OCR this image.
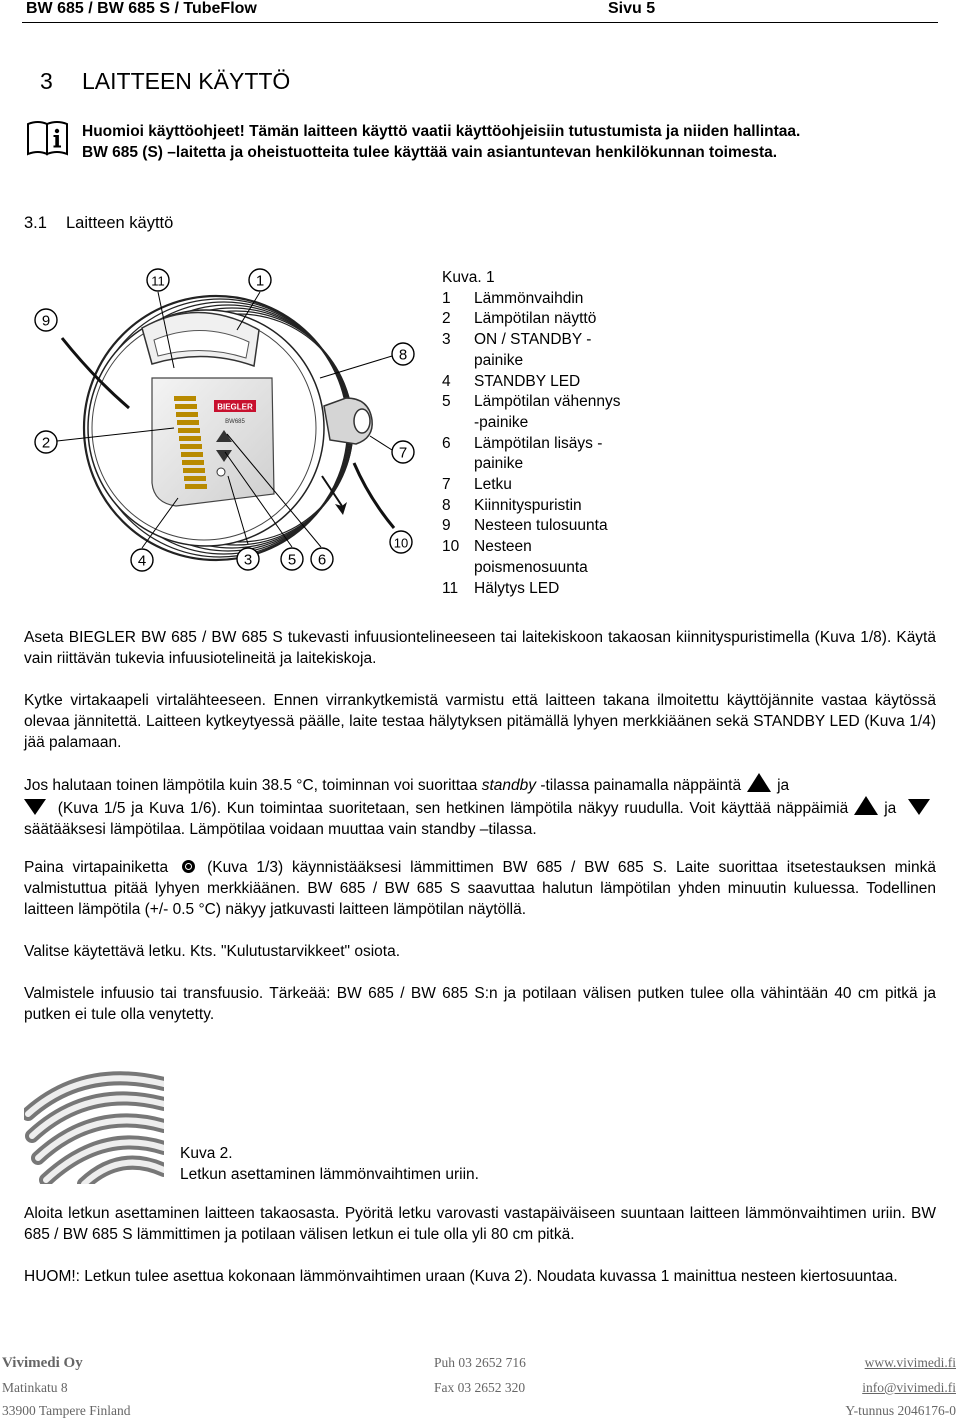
BW 685 / BW 685 S / TubeFlow	Sivu 5
3 LAITTEEN KÄYTTÖ
Huomioi käyttöohjeet! Tämän laitteen käyttö vaatii käyttöohjeisiin tutustumista ja niiden hallintaa.
BW 685 (S) –laitetta ja oheistuotteita tulee käyttää vain asiantuntevan henkilökunnan toimesta.
3.1 Laitteen käyttö
BIEGLER
BW685
11	1
9
8
2
7
4	3 5 6
10
Kuva. 1
1	Lämmönvaihdin
2	Lämpötilan näyttö
3	ON / STANDBY -
painike
4	STANDBY LED
5	Lämpötilan vähennys
-painike
6	Lämpötilan lisäys -
painike
7	Letku
8	Kiinnityspuristin
9	Nesteen tulosuunta
10 Nesteen
poismenosuunta
11	Hälytys LED
Aseta BIEGLER BW 685 / BW 685 S tukevasti infuusiontelineeseen tai laitekiskoon takaosan kiinnityspuristimella (Kuva 1/8). Käytä vain riittävän tukevia infuusiotelineitä ja laitekiskoja.
Kytke virtakaapeli virtalähteeseen. Ennen virrankytkemistä varmistu että laitteen takana ilmoitettu käyttöjännite vastaa käytössä olevaa jännitettä. Laitteen kytkeytyessä päälle, laite testaa hälytyksen pitämällä lyhyen merkkiäänen sekä STANDBY LED (Kuva 1/4) jää palamaan.
Jos halutaan toinen lämpötila kuin 38.5 °C, toiminnan voi suorittaa standby -tilassa painamalla näppäintä ja
(Kuva 1/5 ja Kuva 1/6). Kun toimintaa suoritetaan, sen hetkinen lämpötila näkyy ruudulla. Voit käyttää näppäimiä ja säätääksesi lämpötilaa. Lämpötilaa voidaan muuttaa vain standby –tilassa.
Paina virtapainiketta	(Kuva 1/3) käynnistääksesi lämmittimen BW 685 / BW 685 S. Laite suorittaa itsetestauksen minkä valmistuttua pitää lyhyen merkkiäänen. BW 685 / BW 685 S saavuttaa halutun lämpötilan yhden minuutin kuluessa. Todellinen laitteen lämpötila (+/- 0.5 °C) näkyy jatkuvasti laitteen lämpötilan näytöllä.
Valitse käytettävä letku. Kts. "Kulutustarvikkeet" osiota.
Valmistele infuusio tai transfuusio. Tärkeää: BW 685 / BW 685 S:n ja potilaan välisen putken tulee olla vähintään 40 cm pitkä ja putken ei tule olla venytetty.
Kuva 2.
Letkun asettaminen lämmönvaihtimen uriin.
Aloita letkun asettaminen laitteen takaosasta. Pyöritä letku varovasti vastapäiväiseen suuntaan laitteen lämmönvaihtimen uriin. BW 685 / BW 685 S lämmittimen ja potilaan välisen letkun ei tule olla yli 80 cm pitkä.
HUOM!: Letkun tulee asettua kokonaan lämmönvaihtimen uraan (Kuva 2). Noudata kuvassa 1 mainittua nesteen kiertosuuntaa.
Vivimedi Oy
Matinkatu 8
33900 Tampere Finland
Puh 03 2652 716
Fax 03 2652 320
www.vivimedi.fi
info@vivimedi.fi
Y-tunnus 2046176-0
